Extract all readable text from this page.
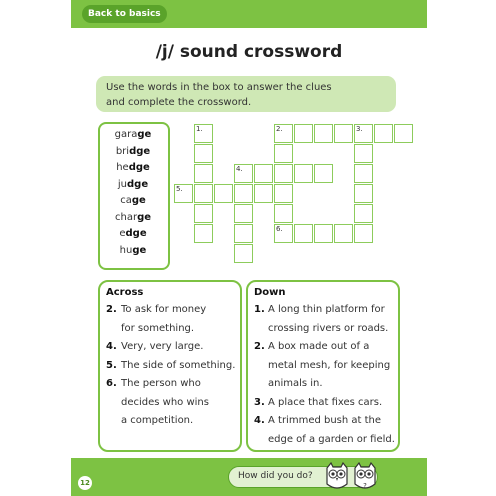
Back to basics
/j/ sound crossword
Use the words in the box to answer the clues
and complete the crossword.
garage
bridge
hedge
judge
cage
charge
edge
huge
1.	2.	3.
4.
5.
6.
Across
2. To ask for money
for something.
4. Very, very large.
5. The side of something.
6. The person who
decides who wins
a competition.
Down
1. A long thin platform for
crossing rivers or roads.
2. A box made out of a
metal mesh, for keeping
animals in.
3. A place that fixes cars.
4. A trimmed bush at the
edge of a garden or field.
12
How did you do?
?
